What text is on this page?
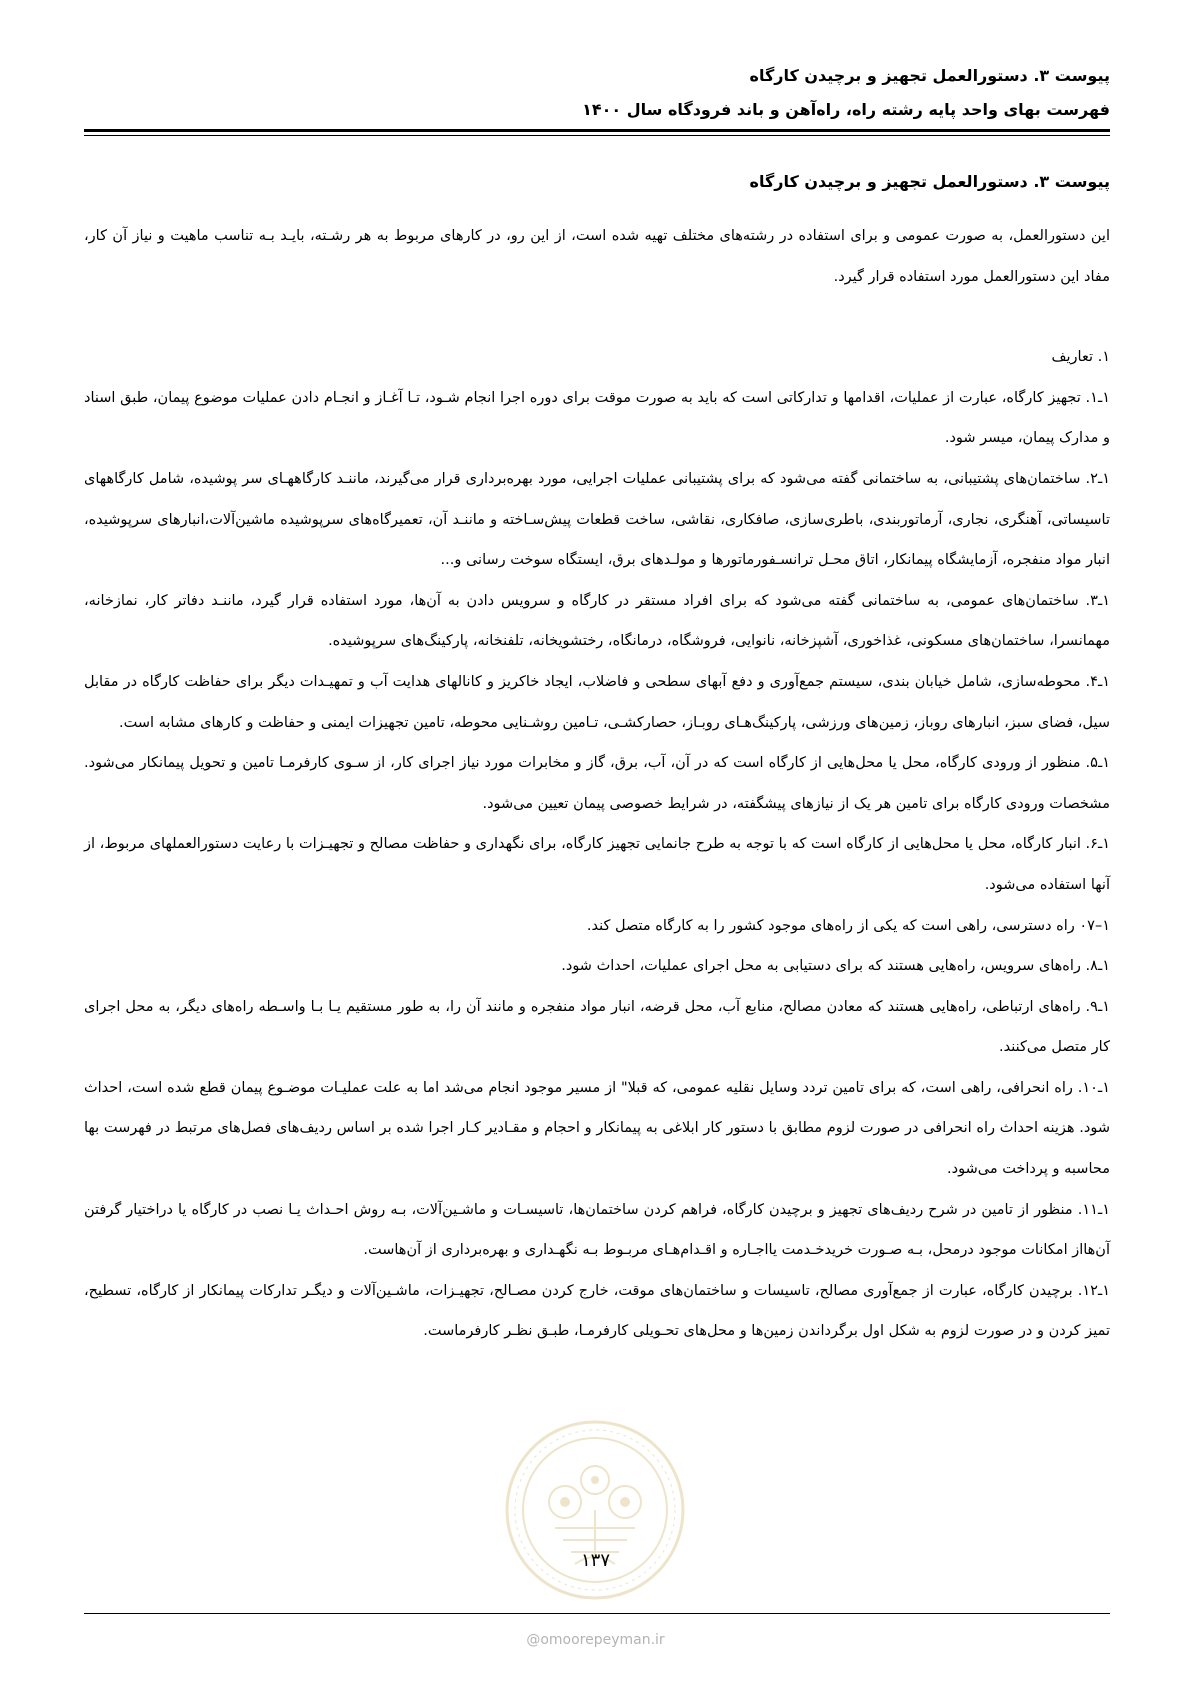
پیوست ۳. دستورالعمل تجهیز و برچیدن کارگاه
فهرست بهای واحد پایه رشته راه، راه‌آهن و باند فرودگاه سال ۱۴۰۰
پیوست ۳. دستورالعمل تجهیز و برچیدن کارگاه

این دستورالعمل، به صورت عمومی و برای استفاده در رشته‌های مختلف تهیه شده است، از این رو، در کارهای مربوط به هر رشـته، بایـد بـه تناسب ماهیت و نیاز آن کار، مفاد این دستورالعمل مورد استفاده قرار گیرد.

۱. تعاریف

۱ـ۱. تجهیز کارگاه، عبارت از عملیات، اقدامها و تدارکاتی است که باید به صورت موقت برای دوره اجرا انجام شـود، تـا آغـاز و انجـام دادن عملیات موضوع پیمان، طبق اسناد و مدارک پیمان، میسر شود.

۱ـ۲. ساختمان‌های پشتیبانی، به ساختمانی گفته می‌شود که برای پشتیبانی عملیات اجرایی، مورد بهره‌برداری قرار می‌گیرند، ماننـد کارگاههـای سر پوشیده، شامل کارگاههای تاسیساتی، آهنگری، نجاری، آرماتوربندی، باطری‌سازی، صافکاری، نقاشی، ساخت قطعات پیش‌سـاخته و ماننـد آن، تعمیرگاه‌های سرپوشیده ماشین‌آلات،انبارهای سرپوشیده، انبار مواد منفجره، آزمایشگاه پیمانکار، اتاق محـل ترانسـفورماتورها و مولـدهای برق، ایستگاه سوخت رسانی و...

۱ـ۳. ساختمان‌های عمومی، به ساختمانی گفته می‌شود که برای افراد مستقر در کارگاه و سرویس دادن به آن‌ها، مورد استفاده قرار گیرد، ماننـد دفاتر کار، نمازخانه، مهمانسرا، ساختمان‌های مسکونی، غذاخوری، آشپزخانه، نانوایی، فروشگاه، درمانگاه، رختشویخانه، تلفنخانه، پارکینگ‌های سرپوشیده.

۱ـ۴. محوطه‌سازی، شامل خیابان بندی، سیستم جمع‌آوری و دفع آبهای سطحی و فاضلاب، ایجاد خاکریز و کانالهای هدایت آب و تمهیـدات دیگر برای حفاظت کارگاه در مقابل سیل، فضای سبز، انبارهای روباز، زمین‌های ورزشی، پارکینگ‌هـای روبـاز، حصارکشـی، تـامین روشـنایی محوطه، تامین تجهیزات ایمنی و حفاظت و کارهای مشابه است.

۱ـ۵. منظور از ورودی کارگاه، محل یا محل‌هایی از کارگاه است که در آن، آب، برق، گاز و مخابرات مورد نیاز اجرای کار، از سـوی کارفرمـا تامین و تحویل پیمانکار می‌شود. مشخصات ورودی کارگاه برای تامین هر یک از نیازهای پیشگفته، در شرایط خصوصی پیمان تعیین می‌شود.

۱ـ۶. انبار کارگاه، محل یا محل‌هایی از کارگاه است که با توجه به طرح جانمایی تجهیز کارگاه، برای نگهداری و حفاظت مصالح و تجهیـزات با رعایت دستورالعملهای مربوط، از آنها استفاده می‌شود.

۱–۰۷ راه دسترسی، راهی است که یکی از راه‌های موجود کشور را به کارگاه متصل کند.

۱ـ۸. راه‌های سرویس، راه‌هایی هستند که برای دستیابی به محل اجرای عملیات، احداث شود.

۱ـ۹. راه‌های ارتباطی، راه‌هایی هستند که معادن مصالح، منابع آب، محل قرضه، انبار مواد منفجره و مانند آن را، به طور مستقیم یـا بـا واسـطه راه‌های دیگر، به محل اجرای کار متصل می‌کنند.

۱ـ۱۰. راه انحرافی، راهی است، که برای تامین تردد وسایل نقلیه عمومی، که قبلا" از مسیر موجود انجام می‌شد اما به علت عملیـات موضـوع پیمان قطع شده است، احداث شود. هزینه احداث راه انحرافی در صورت لزوم مطابق با دستور کار ابلاغی به پیمانکار و احجام و مقـادیر کـار اجرا شده بر اساس ردیف‌های فصل‌های مرتبط در فهرست بها محاسبه و پرداخت می‌شود.

۱ـ۱۱. منظور از تامین در شرح ردیف‌های تجهیز و برچیدن کارگاه، فراهم کردن ساختمان‌ها، تاسیسـات و ماشـین‌آلات، بـه روش احـداث یـا نصب در کارگاه یا دراختیار گرفتن آن‌هااز امکانات موجود درمحل، بـه صـورت خریدخـدمت یااجـاره و اقـدام‌هـای مربـوط بـه نگهـداری و بهره‌برداری از آن‌هاست.

۱ـ۱۲. برچیدن کارگاه، عبارت از جمع‌آوری مصالح، تاسیسات و ساختمان‌های موقت، خارج کردن مصـالح، تجهیـزات، ماشـین‌آلات و دیگـر تدارکات پیمانکار از کارگاه، تسطیح، تمیز کردن و در صورت لزوم به شکل اول برگرداندن زمین‌ها و محل‌های تحـویلی کارفرمـا، طبـق نظـر کارفرماست.

۱۳۷
@omoorepeyman.ir
